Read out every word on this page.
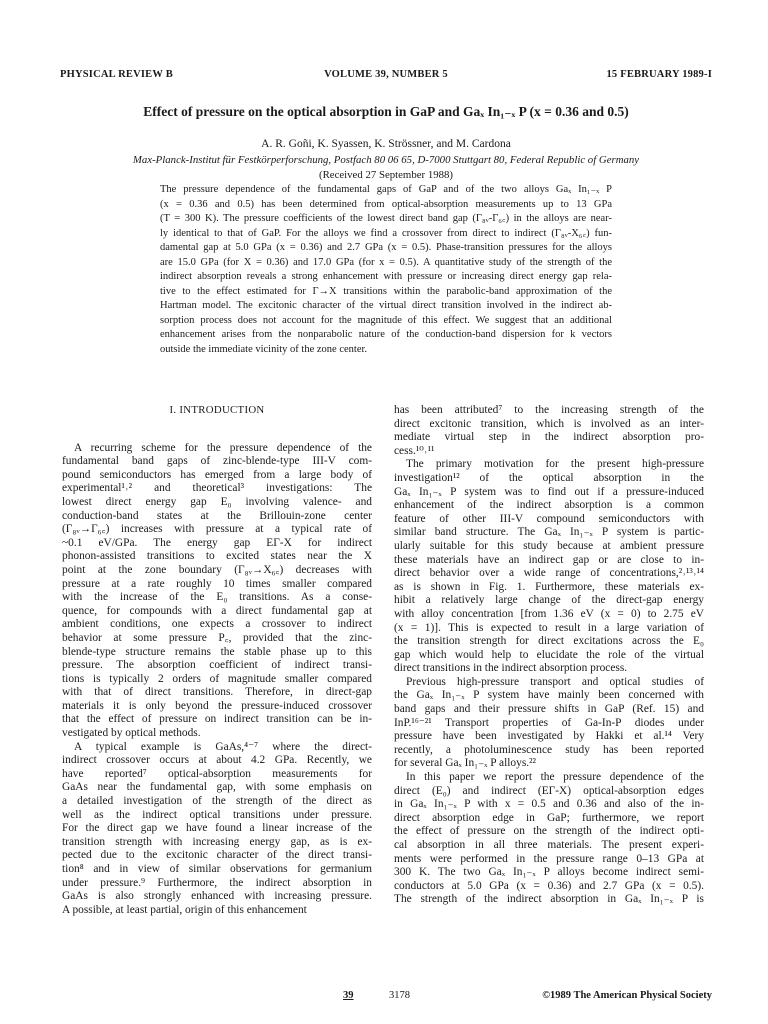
PHYSICAL REVIEW B	VOLUME 39, NUMBER 5	15 FEBRUARY 1989-I
Effect of pressure on the optical absorption in GaP and Gaₓ In₁₋ₓ P (x = 0.36 and 0.5)
A. R. Goñi, K. Syassen, K. Strössner, and M. Cardona
Max-Planck-Institut für Festkörperforschung, Postfach 80 06 65, D-7000 Stuttgart 80, Federal Republic of Germany
(Received 27 September 1988)
The pressure dependence of the fundamental gaps of GaP and of the two alloys Gaₓ In₁₋ₓ P
(x = 0.36 and 0.5) has been determined from optical-absorption measurements up to 13 GPa
(T = 300 K). The pressure coefficients of the lowest direct band gap (Γ₈ᵥ-Γ₆꜀) in the alloys are near-
ly identical to that of GaP. For the alloys we find a crossover from direct to indirect (Γ₈ᵥ-X₆꜀) fun-
damental gap at 5.0 GPa (x = 0.36) and 2.7 GPa (x = 0.5). Phase-transition pressures for the alloys
are 15.0 GPa (for X = 0.36) and 17.0 GPa (for x = 0.5). A quantitative study of the strength of the
indirect absorption reveals a strong enhancement with pressure or increasing direct energy gap rela-
tive to the effect estimated for Γ→X transitions within the parabolic-band approximation of the
Hartman model. The excitonic character of the virtual direct transition involved in the indirect ab-
sorption process does not account for the magnitude of this effect. We suggest that an additional
enhancement arises from the nonparabolic nature of the conduction-band dispersion for k vectors
outside the immediate vicinity of the zone center.
I. INTRODUCTION
A recurring scheme for the pressure dependence of the
fundamental band gaps of zinc-blende-type III-V com-
pound semiconductors has emerged from a large body of
experimental¹˒² and theoretical³ investigations: The
lowest direct energy gap E₀ involving valence- and
conduction-band states at the Brillouin-zone center
(Γ₈ᵥ→Γ₆꜀) increases with pressure at a typical rate of
~0.1 eV/GPa. The energy gap EΓ-X for indirect
phonon-assisted transitions to excited states near the X
point at the zone boundary (Γ₈ᵥ→X₆꜀) decreases with
pressure at a rate roughly 10 times smaller compared
with the increase of the E₀ transitions. As a conse-
quence, for compounds with a direct fundamental gap at
ambient conditions, one expects a crossover to indirect
behavior at some pressure P꜀, provided that the zinc-
blende-type structure remains the stable phase up to this
pressure. The absorption coefficient of indirect transi-
tions is typically 2 orders of magnitude smaller compared
with that of direct transitions. Therefore, in direct-gap
materials it is only beyond the pressure-induced crossover
that the effect of pressure on indirect transition can be in-
vestigated by optical methods.
A typical example is GaAs,⁴⁻⁷ where the direct-
indirect crossover occurs at about 4.2 GPa. Recently, we
have reported⁷ optical-absorption measurements for
GaAs near the fundamental gap, with some emphasis on
a detailed investigation of the strength of the direct as
well as the indirect optical transitions under pressure.
For the direct gap we have found a linear increase of the
transition strength with increasing energy gap, as is ex-
pected due to the excitonic character of the direct transi-
tion⁸ and in view of similar observations for germanium
under pressure.⁹ Furthermore, the indirect absorption in
GaAs is also strongly enhanced with increasing pressure.
A possible, at least partial, origin of this enhancement
has been attributed⁷ to the increasing strength of the
direct excitonic transition, which is involved as an inter-
mediate virtual step in the indirect absorption pro-
cess.¹⁰˒¹¹
The primary motivation for the present high-pressure
investigation¹² of the optical absorption in the
Gaₓ In₁₋ₓ P system was to find out if a pressure-induced
enhancement of the indirect absorption is a common
feature of other III-V compound semiconductors with
similar band structure. The Gaₓ In₁₋ₓ P system is partic-
ularly suitable for this study because at ambient pressure
these materials have an indirect gap or are close to in-
direct behavior over a wide range of concentrations,²˒¹³˒¹⁴
as is shown in Fig. 1. Furthermore, these materials ex-
hibit a relatively large change of the direct-gap energy
with alloy concentration [from 1.36 eV (x = 0) to 2.75 eV
(x = 1)]. This is expected to result in a large variation of
the transition strength for direct excitations across the E₀
gap which would help to elucidate the role of the virtual
direct transitions in the indirect absorption process.
Previous high-pressure transport and optical studies of
the Gaₓ In₁₋ₓ P system have mainly been concerned with
band gaps and their pressure shifts in GaP (Ref. 15) and
InP.¹⁶⁻²¹ Transport properties of Ga-In-P diodes under
pressure have been investigated by Hakki et al.¹⁴ Very
recently, a photoluminescence study has been reported
for several Gaₓ In₁₋ₓ P alloys.²²
In this paper we report the pressure dependence of the
direct (E₀) and indirect (EΓ-X) optical-absorption edges
in Gaₓ In₁₋ₓ P with x = 0.5 and 0.36 and also of the in-
direct absorption edge in GaP; furthermore, we report
the effect of pressure on the strength of the indirect opti-
cal absorption in all three materials. The present experi-
ments were performed in the pressure range 0–13 GPa at
300 K. The two Gaₓ In₁₋ₓ P alloys become indirect semi-
conductors at 5.0 GPa (x = 0.36) and 2.7 GPa (x = 0.5).
The strength of the indirect absorption in Gaₓ In₁₋ₓ P is
39	3178	©1989 The American Physical Society
